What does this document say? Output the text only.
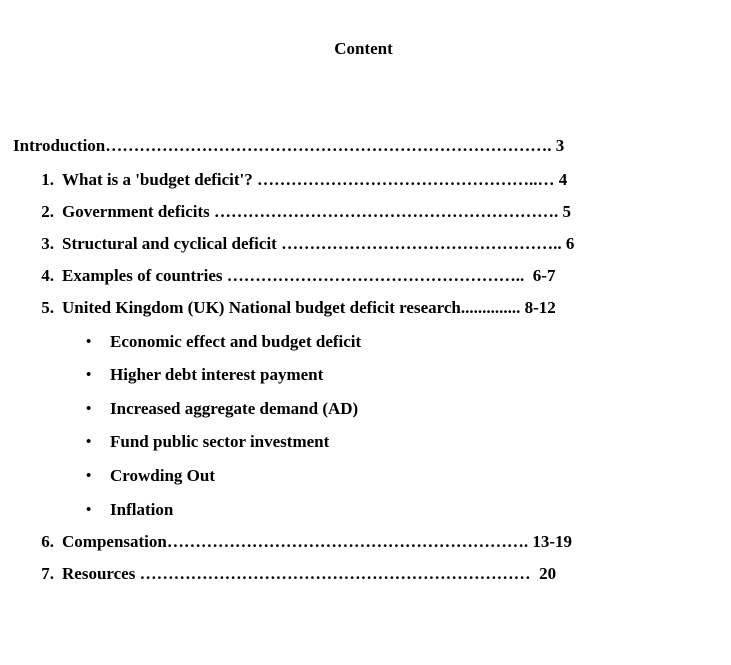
Content
Introduction……………………………………………………………………. 3
1. What is a 'budget deficit'? …………………………………………..… 4
2. Government deficits ……………………………………………………. 5
3. Structural and cyclical deficit ………………………………………….. 6
4. Examples of countries ……………………………………………..  6-7
5. United Kingdom (UK) National budget deficit research.............. 8-12
• Economic effect and budget deficit
• Higher debt interest payment
• Increased aggregate demand (AD)
• Fund public sector investment
• Crowding Out
• Inflation
6. Compensation………………………………………………………. 13-19
7. Resources ……………………………………………………………  20
